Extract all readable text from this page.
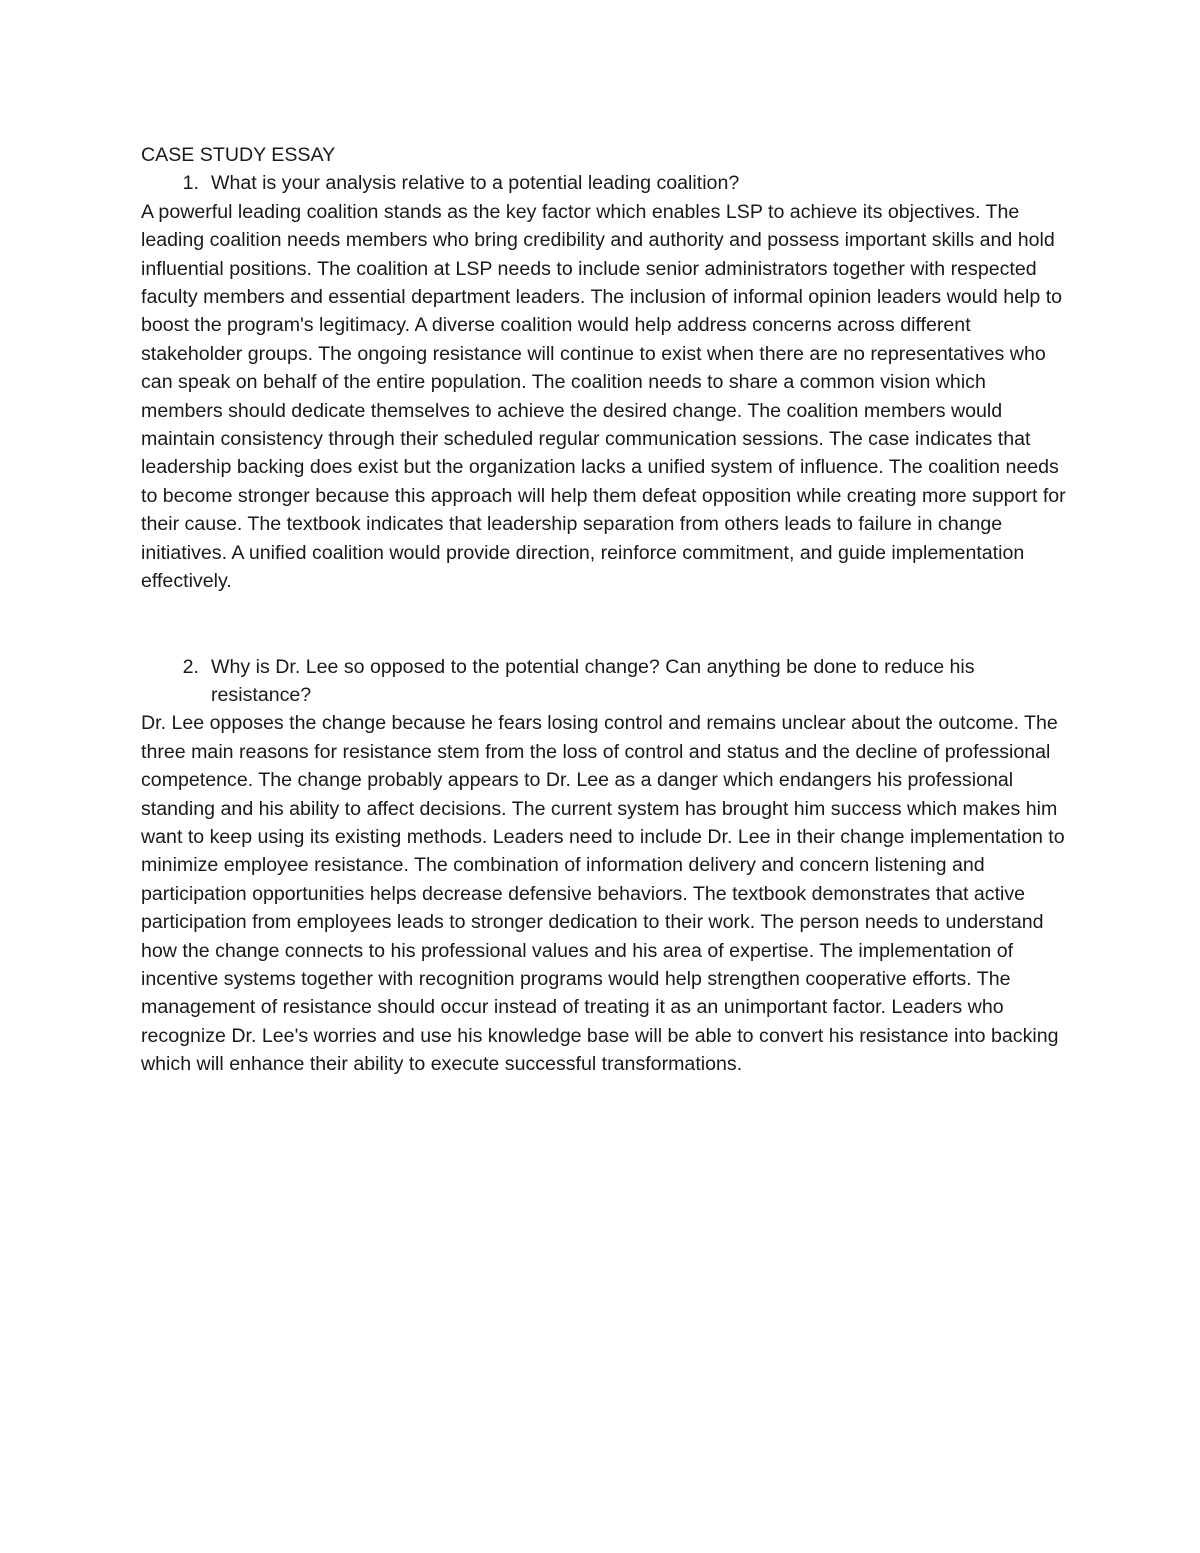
CASE STUDY ESSAY

1. What is your analysis relative to a potential leading coalition?

A powerful leading coalition stands as the key factor which enables LSP to achieve its objectives. The leading coalition needs members who bring credibility and authority and possess important skills and hold influential positions. The coalition at LSP needs to include senior administrators together with respected faculty members and essential department leaders. The inclusion of informal opinion leaders would help to boost the program's legitimacy. A diverse coalition would help address concerns across different stakeholder groups. The ongoing resistance will continue to exist when there are no representatives who can speak on behalf of the entire population. The coalition needs to share a common vision which members should dedicate themselves to achieve the desired change. The coalition members would maintain consistency through their scheduled regular communication sessions. The case indicates that leadership backing does exist but the organization lacks a unified system of influence. The coalition needs to become stronger because this approach will help them defeat opposition while creating more support for their cause. The textbook indicates that leadership separation from others leads to failure in change initiatives. A unified coalition would provide direction, reinforce commitment, and guide implementation effectively.

2. Why is Dr. Lee so opposed to the potential change? Can anything be done to reduce his resistance?

Dr. Lee opposes the change because he fears losing control and remains unclear about the outcome. The three main reasons for resistance stem from the loss of control and status and the decline of professional competence. The change probably appears to Dr. Lee as a danger which endangers his professional standing and his ability to affect decisions. The current system has brought him success which makes him want to keep using its existing methods. Leaders need to include Dr. Lee in their change implementation to minimize employee resistance. The combination of information delivery and concern listening and participation opportunities helps decrease defensive behaviors. The textbook demonstrates that active participation from employees leads to stronger dedication to their work. The person needs to understand how the change connects to his professional values and his area of expertise. The implementation of incentive systems together with recognition programs would help strengthen cooperative efforts. The management of resistance should occur instead of treating it as an unimportant factor. Leaders who recognize Dr. Lee's worries and use his knowledge base will be able to convert his resistance into backing which will enhance their ability to execute successful transformations.
